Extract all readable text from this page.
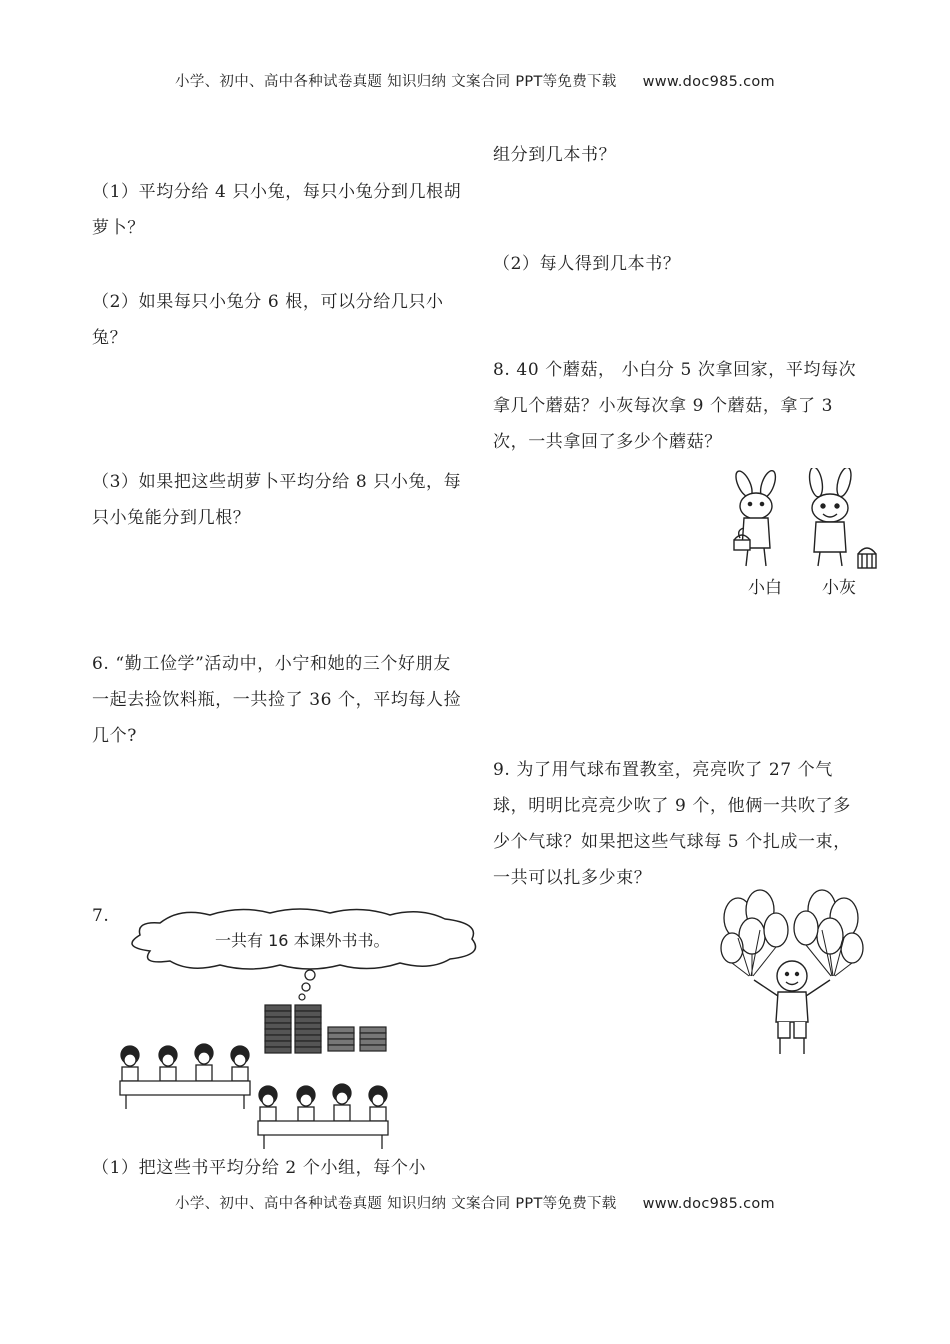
小学、初中、高中各种试卷真题 知识归纳 文案合同 PPT等免费下载 www.doc985.com

（1）平均分给 4 只小兔，每只小兔分到几根胡萝卜？

（2）如果每只小兔分 6 根，可以分给几只小兔？

（3）如果把这些胡萝卜平均分给 8 只小兔，每只小兔能分到几根？

6. “勤工俭学”活动中，小宁和她的三个好朋友一起去捡饮料瓶，一共捡了 36 个，平均每人捡几个?

7.

（1）把这些书平均分给 2 个小组，每个小

一共有 16 本课外书书。

组分到几本书？

（2）每人得到几本书？

8. 40 个蘑菇， 小白分 5 次拿回家，平均每次拿几个蘑菇？小灰每次拿 9 个蘑菇，拿了 3 次，一共拿回了多少个蘑菇？

9. 为了用气球布置教室，亮亮吹了 27 个气球，明明比亮亮少吹了 9 个，他俩一共吹了多少个气球？如果把这些气球每 5 个扎成一束，一共可以扎多少束？

小白 小灰
小学、初中、高中各种试卷真题 知识归纳 文案合同 PPT等免费下载 www.doc985.com
